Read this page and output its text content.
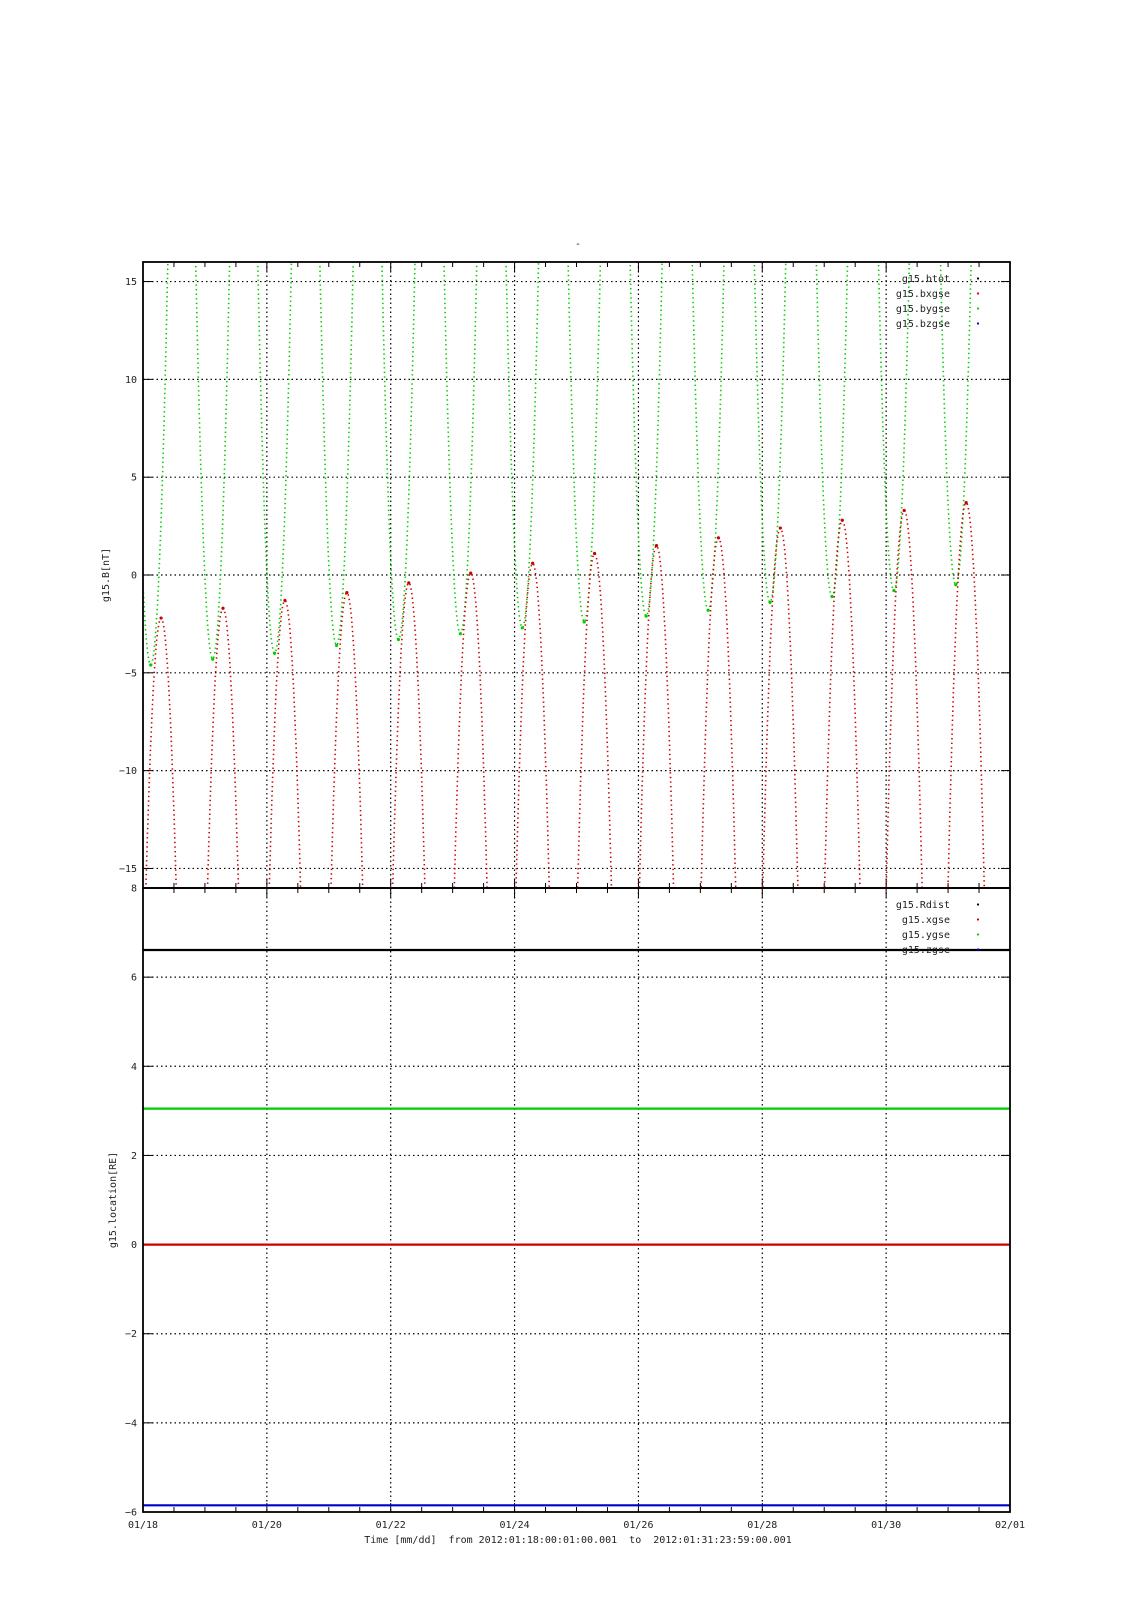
-
15
10
5
0
−5
−10
−15
g15.B[nT]
g15.btot
g15.bxgse
g15.bygse
g15.bzgse
8
6
4
2
0
−2
−4
−6
g15.location[RE]
g15.Rdist
g15.xgse
g15.ygse
g15.zgse
01/18	01/20	01/22	01/24	01/26	01/28	01/30	02/01
Time [mm/dd]  from 2012:01:18:00:01:00.001  to  2012:01:31:23:59:00.001
